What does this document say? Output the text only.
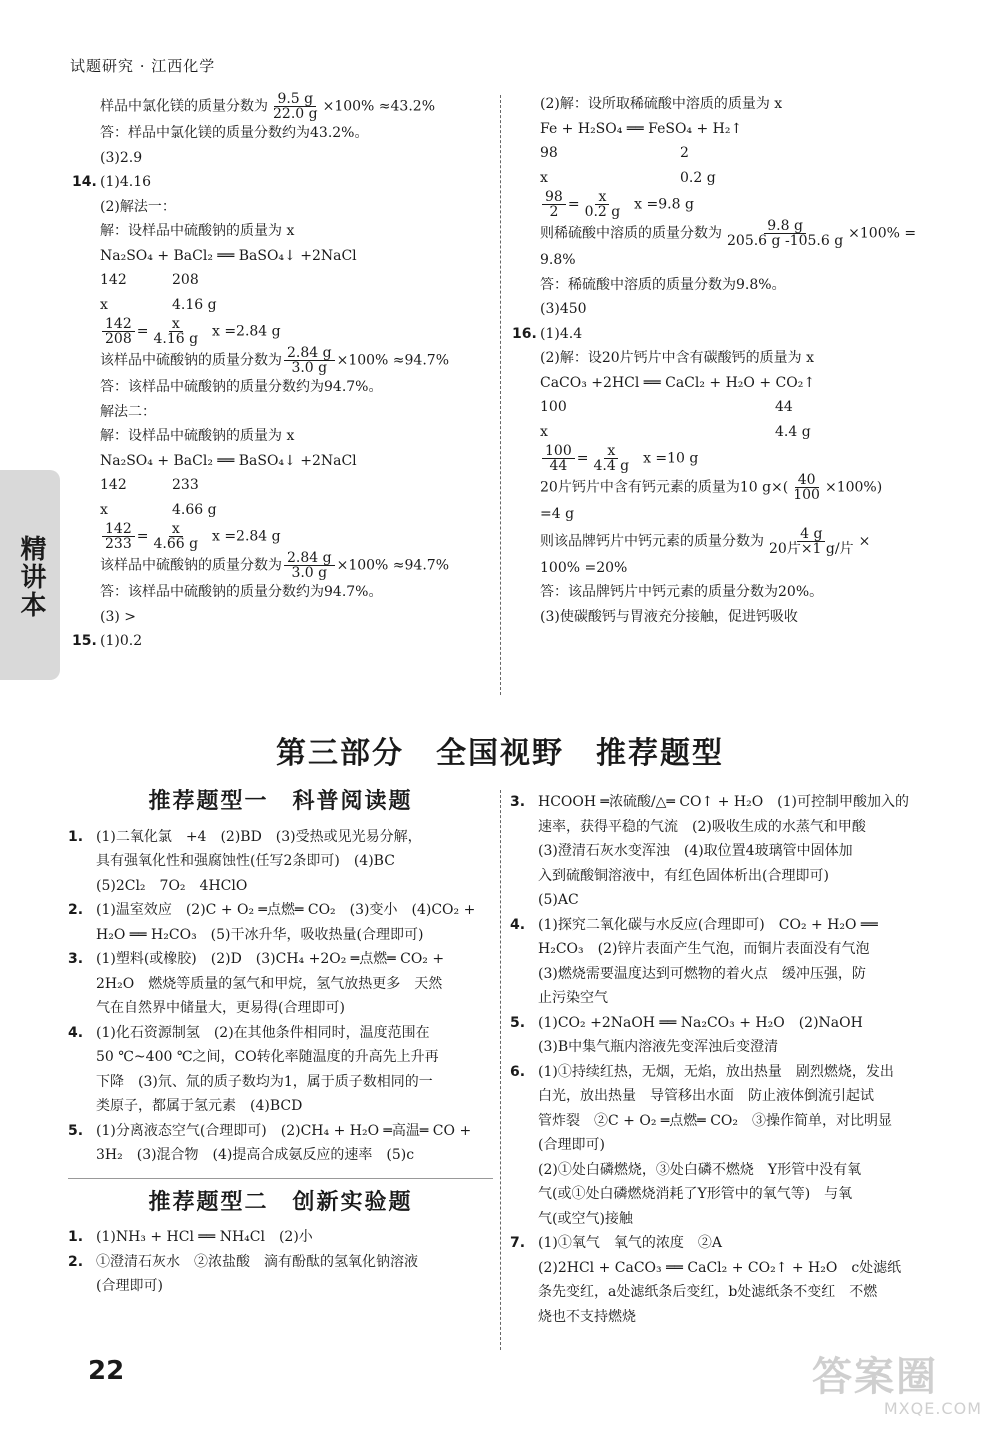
试题研究 · 江西化学
精讲本
样品中氯化镁的质量分数为 $\frac{9.5 g}{22.0 g} \times 100\% \approx 43.2\%$
答：样品中氯化镁的质量分数约为43.2%。
(3)2.9
14. (1)4.16
(2)解法一：
解：设样品中硫酸钠的质量为 x
Na₂SO₄ + BaCl₂ ══ BaSO₄↓ +2NaCl
142	208
x	4.16 g
$\frac{142}{208} = \frac{x}{4.16 g}$ x =2.84 g
该样品中硫酸钠的质量分数为 $\frac{2.84 g}{3.0 g} \times 100\% \approx 94.7\%$
答：该样品中硫酸钠的质量分数约为94.7%。
解法二：
解：设样品中硫酸钠的质量为 x
Na₂SO₄ + BaCl₂ ══ BaSO₄↓ +2NaCl
142	233
x	4.66 g
$\frac{142}{233} = \frac{x}{4.66 g}$ x =2.84 g
该样品中硫酸钠的质量分数为 $\frac{2.84 g}{3.0 g} \times 100\% \approx 94.7\%$
答：该样品中硫酸钠的质量分数约为94.7%。
(3) >
15. (1)0.2
(2)解：设所取稀硫酸中溶质的质量为 x
Fe + H₂SO₄ ══ FeSO₄ + H₂↑
98	2
x	0.2 g
$\frac{98}{2} = \frac{x}{0.2 g}$ x =9.8 g
则稀硫酸中溶质的质量分数为 $\frac{9.8 g}{205.6 g -105.6 g} \times 100\%$ =
9.8%
答：稀硫酸中溶质的质量分数为9.8%。
(3)450
16. (1)4.4
(2)解：设20片钙片中含有碳酸钙的质量为 x
CaCO₃ +2HCl ══ CaCl₂ + H₂O + CO₂↑
100	44
x	4.4 g
$\frac{100}{44} = \frac{x}{4.4 g}$ x =10 g
20片钙片中含有钙元素的质量为10 $g\times( \frac{40}{100} \times 100\%)$
=4 g
则该品牌钙片中钙元素的质量分数为 $\frac{4 g}{\text{20片×1 g/片}}$ ×
100% =20%
答：该品牌钙片中钙元素的质量分数为20%。
(3)使碳酸钙与胃液充分接触，促进钙吸收
第三部分　全国视野　推荐题型
推荐题型一　科普阅读题
1. (1)二氧化氯　+4　(2)BD　(3)受热或见光易分解，
具有强氧化性和强腐蚀性(任写2条即可)　(4)BC
(5)2Cl₂　7O₂　4HClO
2. (1)温室效应　(2)C + O₂ ═点燃═ CO₂　(3)变小　(4)CO₂ +
H₂O ══ H₂CO₃　(5)干冰升华，吸收热量(合理即可)
3. (1)塑料(或橡胶)　(2)D　(3)CH₄ +2O₂ ═点燃═ CO₂ +
2H₂O　燃烧等质量的氢气和甲烷，氢气放热更多　天然
气在自然界中储量大，更易得(合理即可)
4. (1)化石资源制氢　(2)在其他条件相同时，温度范围在
50 ℃~400 ℃之间，CO转化率随温度的升高先上升再
下降　(3)氘、氚的质子数均为1，属于质子数相同的一
类原子，都属于氢元素　(4)BCD
5. (1)分离液态空气(合理即可)　(2)CH₄ + H₂O ═高温═ CO +
3H₂　(3)混合物　(4)提高合成氨反应的速率　(5)c
推荐题型二　创新实验题
1. (1)NH₃ + HCl ══ NH₄Cl　(2)小
2. ①澄清石灰水　②浓盐酸　滴有酚酞的氢氧化钠溶液
(合理即可)
3. HCOOH ═浓硫酸/△═ CO↑ + H₂O　(1)可控制甲酸加入的
速率，获得平稳的气流　(2)吸收生成的水蒸气和甲酸
(3)澄清石灰水变浑浊　(4)取位置4玻璃管中固体加
入到硫酸铜溶液中，有红色固体析出(合理即可)
(5)AC
4. (1)探究二氧化碳与水反应(合理即可)　CO₂ + H₂O ══
H₂CO₃　(2)锌片表面产生气泡，而铜片表面没有气泡
(3)燃烧需要温度达到可燃物的着火点　缓冲压强，防
止污染空气
5. (1)CO₂ +2NaOH ══ Na₂CO₃ + H₂O　(2)NaOH
(3)B中集气瓶内溶液先变浑浊后变澄清
6. (1)①持续红热，无烟，无焰，放出热量　剧烈燃烧，发出
白光，放出热量　导管移出水面　防止液体倒流引起试
管炸裂　②C + O₂ ═点燃═ CO₂　③操作简单，对比明显
(合理即可)
(2)①处白磷燃烧，③处白磷不燃烧　Y形管中没有氧
气(或①处白磷燃烧消耗了Y形管中的氧气等)　与氧
气(或空气)接触
7. (1)①氧气　氧气的浓度　②A
(2)2HCl + CaCO₃ ══ CaCl₂ + CO₂↑ + H₂O　c处滤纸
条先变红，a处滤纸条后变红，b处滤纸条不变红　不燃
烧也不支持燃烧
22	答案圈
MXQE.COM
